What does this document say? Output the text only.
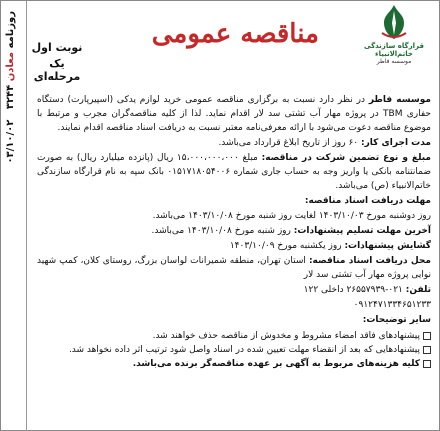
روزنامه معادن ۳۲۴۴   ۰۳/۱۰/۰۲
قرارگاه سازندگی خاتم‌الانبیاء
موسسه فاطر
مناقصه عمومی
نوبت اول
یک مرحله‌ای

موسسه فاطر در نظر دارد نسبت به برگزاری مناقصه عمومی خرید لوازم یدکی (اسپیرپارت) دستگاه حفاری TBM در پروژه مهار آب تشتی سد لار اقدام نماید. لذا از کلیه مناقصه‌گران مجرب و مرتبط با موضوع مناقصه دعوت می‌شود با ارائه معرفی‌نامه معتبر نسبت به دریافت اسناد مناقصه اقدام نمایند.

مدت اجرای کار: ۶۰ روز از تاریخ ابلاغ قرارداد می‌باشد.

مبلغ و نوع تضمین شرکت در مناقصه: مبلغ ۱۵،۰۰۰،۰۰۰،۰۰۰ ریال (پانزده میلیارد ریال) به صورت ضمانتنامه بانکی یا واریز وجه به حساب جاری شماره ۰۱۵۱۷۱۸۰۵۴۰۰۶ بانک سپه به نام قرارگاه سازندگی خاتم‌الانبیاء (ص) می‌باشد.

مهلت دریافت اسناد مناقصه:

روز دوشنبه مورخ ۱۴۰۳/۱۰/۰۳ لغایت روز شنبه مورخ ۱۴۰۳/۱۰/۰۸ می‌باشد.

آخرین مهلت تسلیم پیشنهادات: روز شنبه مورخ ۱۴۰۳/۱۰/۰۸ می‌باشد.

گشایش پیشنهادات: روز یکشنبه مورخ ۱۴۰۳/۱۰/۰۹

محل دریافت اسناد مناقصه: استان تهران، منطقه شمیرانات لواسان بزرگ، روستای کلان، کمپ شهید نوایی پروژه مهار آب تشتی سد لار

تلفن: ۰۲۱-۲۶۵۵۷۹۳۹ داخلی ۱۲۲

۰۹۱۲۴۷۱۳۳۴۶۵۱۲۳۳

سایر توضیحات:

پیشنهادهای فاقد امضاء مشروط و مخدوش از مناقصه حذف خواهند شد.
پیشنهادهایی که بعد از انقضاء مهلت تعیین شده در اسناد واصل شود ترتیب اثر داده نخواهد شد.
کلیه هزینه‌های مربوط به آگهی بر عهده مناقصه‌گر برنده می‌باشد.
